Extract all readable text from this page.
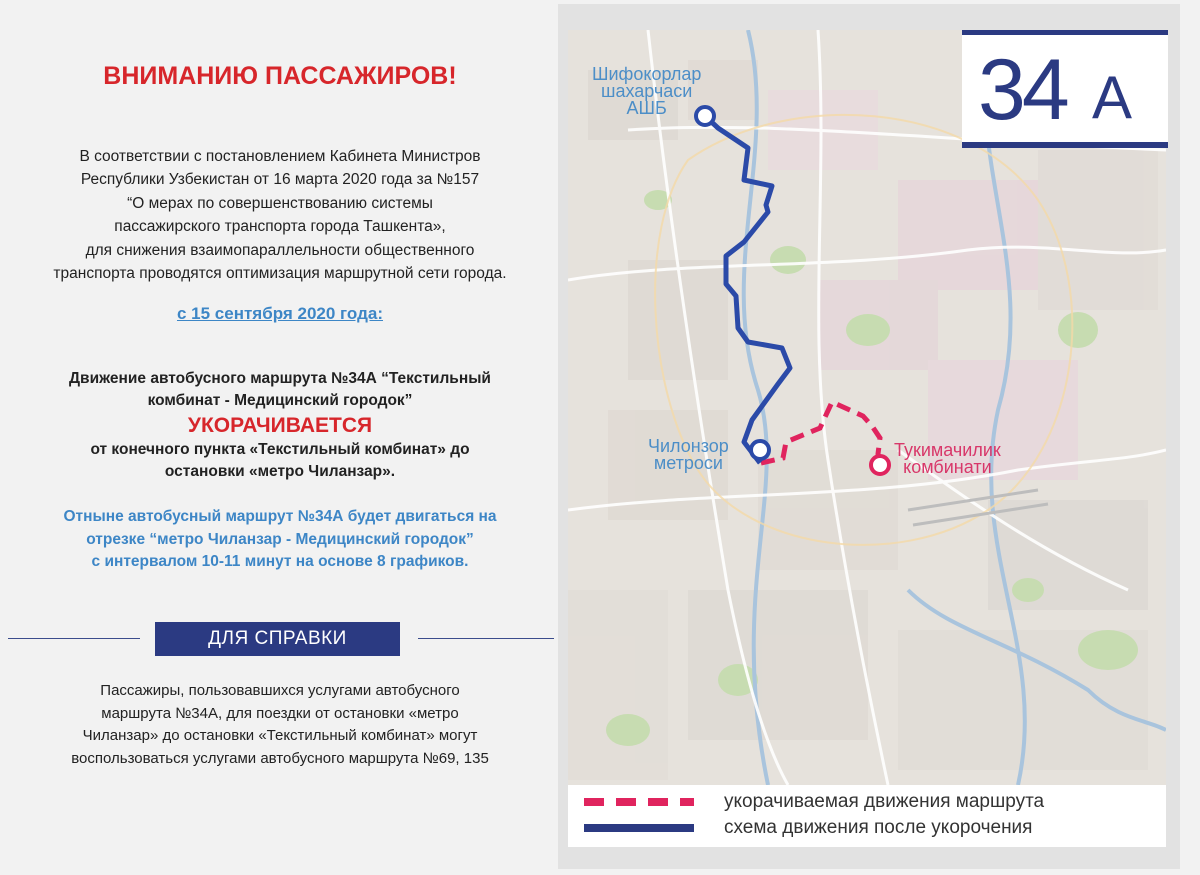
ВНИМАНИЮ ПАССАЖИРОВ!
В соответствии с постановлением Кабинета Министров
Республики Узбекистан от 16 марта 2020 года за №157
“О мерах по совершенствованию системы
пассажирского транспорта города Ташкента»,
для снижения взаимопараллельности общественного
транспорта проводятся оптимизация маршрутной сети города.
с 15 сентября 2020 года:
Движение автобусного маршрута №34А “Текстильный
комбинат - Медицинский городок”
УКОРАЧИВАЕТСЯ
от конечного пункта «Текстильный комбинат» до
остановки «метро Чиланзар».
Отныне автобусный маршрут №34А будет двигаться на
отрезке “метро Чиланзар - Медицинский городок”
с интервалом 10-11 минут на основе 8 графиков.
ДЛЯ СПРАВКИ
Пассажиры, пользовавшихся услугами автобусного
маршрута №34А, для поездки от остановки «метро
Чиланзар» до остановки «Текстильный комбинат» могут
воспользоваться услугами автобусного маршрута №69, 135
Шифокорлар
шахарчаси
АШБ
Чилонзор
метроси
Тукимачилик
комбинати
34 A
укорачиваемая движения маршрута
схема движения после укорочения
